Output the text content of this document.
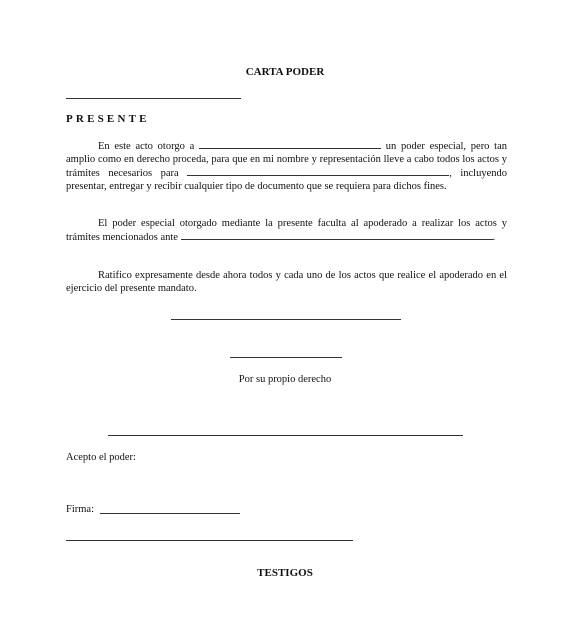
CARTA PODER
PRESENTE

En este acto otorgo a	un poder especial, pero tan amplio como en derecho proceda, para que en mi nombre y representación lleve a cabo todos los actos y trámites necesarios para	, incluyendo presentar, entregar y recibir cualquier tipo de documento que se requiera para dichos fines.

El poder especial otorgado mediante la presente faculta al apoderado a realizar los actos y trámites mencionados ante	.

Ratifico expresamente desde ahora todos y cada uno de los actos que realice el apoderado en el ejercicio del presente mandato.

Por su propio derecho
Acepto el poder:
Firma:
TESTIGOS
